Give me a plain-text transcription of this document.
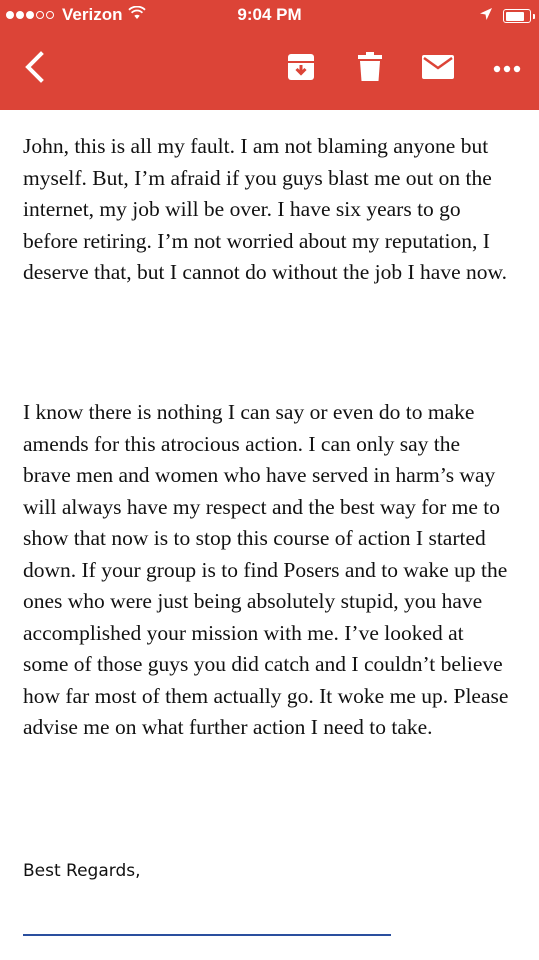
Verizon	9:04 PM

John, this is all my fault. I am not blaming anyone but myself. But, I’m afraid if you guys blast me out on the internet, my job will be over. I have six years to go before retiring. I’m not worried about my reputation, I deserve that, but I cannot do without the job I have now.

I know there is nothing I can say or even do to make amends for this atrocious action. I can only say the brave men and women who have served in harm’s way will always have my respect and the best way for me to show that now is to stop this course of action I started down. If your group is to find Posers and to wake up the ones who were just being absolutely stupid, you have accomplished your mission with me. I’ve looked at some of those guys you did catch and I couldn’t believe how far most of them actually go. It woke me up. Please advise me on what further action I need to take.

Best Regards,
